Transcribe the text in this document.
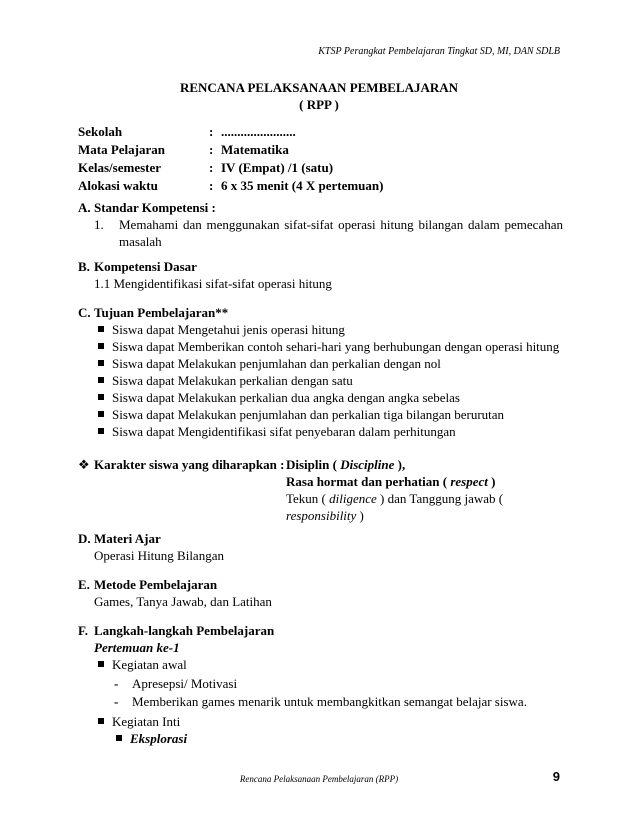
KTSP Perangkat Pembelajaran Tingkat SD, MI, DAN SDLB
RENCANA PELAKSANAAN PEMBELAJARAN
( RPP )
Sekolah	:	.......................
Mata Pelajaran	:	Matematika
Kelas/semester	:	IV (Empat) /1 (satu)
Alokasi waktu	:	6 x 35 menit (4 X pertemuan)
A. Standar Kompetensi :
1.	Memahami dan menggunakan sifat-sifat operasi hitung bilangan dalam pemecahan masalah
B. Kompetensi Dasar
1.1 Mengidentifikasi sifat-sifat operasi hitung
C. Tujuan Pembelajaran**
Siswa dapat Mengetahui jenis operasi hitung
Siswa dapat Memberikan contoh sehari-hari yang berhubungan dengan operasi hitung
Siswa dapat Melakukan penjumlahan dan perkalian dengan nol
Siswa dapat Melakukan perkalian dengan satu
Siswa dapat Melakukan perkalian dua angka dengan angka sebelas
Siswa dapat Melakukan penjumlahan dan perkalian tiga bilangan berurutan
Siswa dapat Mengidentifikasi sifat penyebaran dalam perhitungan
❖ Karakter siswa yang diharapkan : Disiplin ( Discipline ),
Rasa hormat dan perhatian ( respect )
Tekun ( diligence ) dan Tanggung jawab (
responsibility )
D. Materi Ajar
Operasi Hitung Bilangan
E. Metode Pembelajaran
Games, Tanya Jawab, dan Latihan
F. Langkah-langkah Pembelajaran
Pertemuan ke-1
Kegiatan awal
-	Apresepsi/ Motivasi
-	Memberikan games menarik untuk membangkitkan semangat belajar siswa.
Kegiatan Inti
Eksplorasi
Rencana Pelaksanaan Pembelajaran (RPP)	9
